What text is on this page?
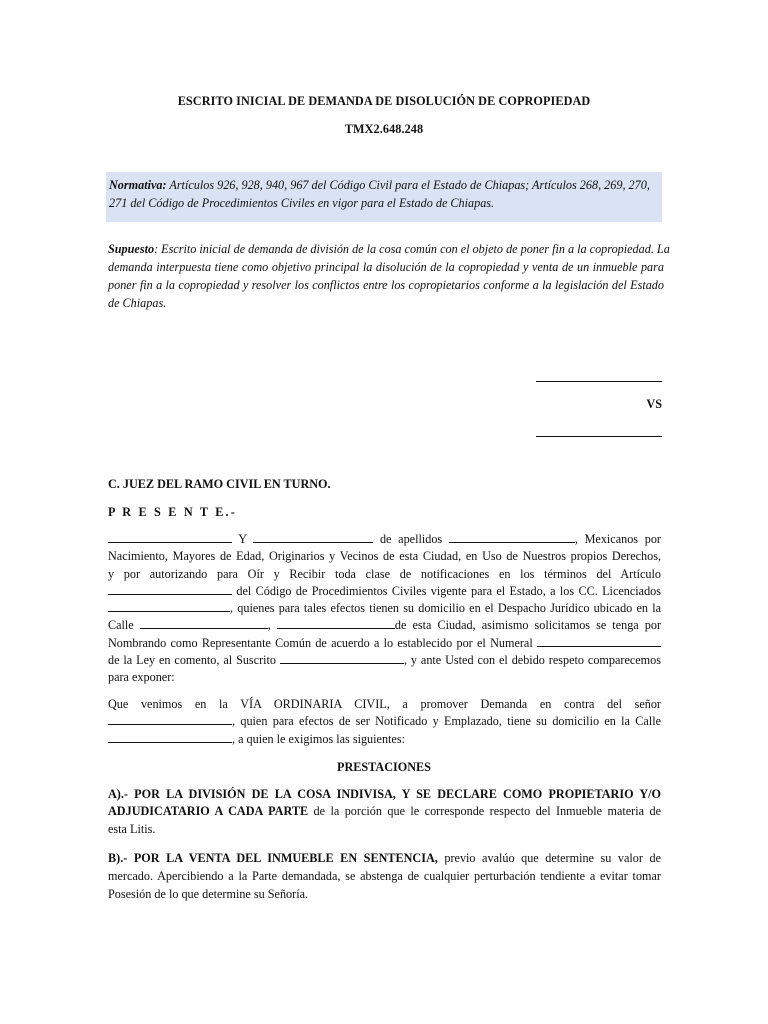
ESCRITO INICIAL DE DEMANDA DE DISOLUCIÓN DE COPROPIEDAD
TMX2.648.248
Normativa: Artículos 926, 928, 940, 967 del Código Civil para el Estado de Chiapas; Artículos 268, 269, 270,
271 del Código de Procedimientos Civiles en vigor para el Estado de Chiapas.
Supuesto: Escrito inicial de demanda de división de la cosa común con el objeto de poner fin a la copropiedad. La
demanda interpuesta tiene como objetivo principal la disolución de la copropiedad y venta de un inmueble para
poner fin a la copropiedad y resolver los conflictos entre los copropietarios conforme a la legislación del Estado
de Chiapas.
VS
C. JUEZ DEL RAMO CIVIL EN TURNO.
P R E S E N T E.-
Y	de apellidos	, Mexicanos por
Nacimiento, Mayores de Edad, Originarios y Vecinos de esta Ciudad, en Uso de Nuestros propios Derechos,
y por autorizando para Oír y Recibir toda clase de notificaciones en los términos del Artículo
del Código de Procedimientos Civiles vigente para el Estado, a los CC. Licenciados
, quienes para tales efectos tienen su domicilio en el Despacho Jurídico ubicado en la
Calle	,	de esta Ciudad, asimismo solicitamos se tenga por
Nombrando como Representante Común de acuerdo a lo establecido por el Numeral
de la Ley en comento, al Suscrito	, y ante Usted con el debido respeto comparecemos
para exponer:
Que venimos en la VÍA ORDINARIA CIVIL, a promover Demanda en contra del señor
, quien para efectos de ser Notificado y Emplazado, tiene su domicilio en la Calle
, a quien le exigimos las siguientes:
PRESTACIONES
A).- POR LA DIVISIÓN DE LA COSA INDIVISA, Y SE DECLARE COMO PROPIETARIO Y/O
ADJUDICATARIO A CADA PARTE de la porción que le corresponde respecto del Inmueble materia de
esta Litis.
B).- POR LA VENTA DEL INMUEBLE EN SENTENCIA, previo avalúo que determine su valor de
mercado. Apercibiendo a la Parte demandada, se abstenga de cualquier perturbación tendiente a evitar tomar
Posesión de lo que determine su Señoría.
